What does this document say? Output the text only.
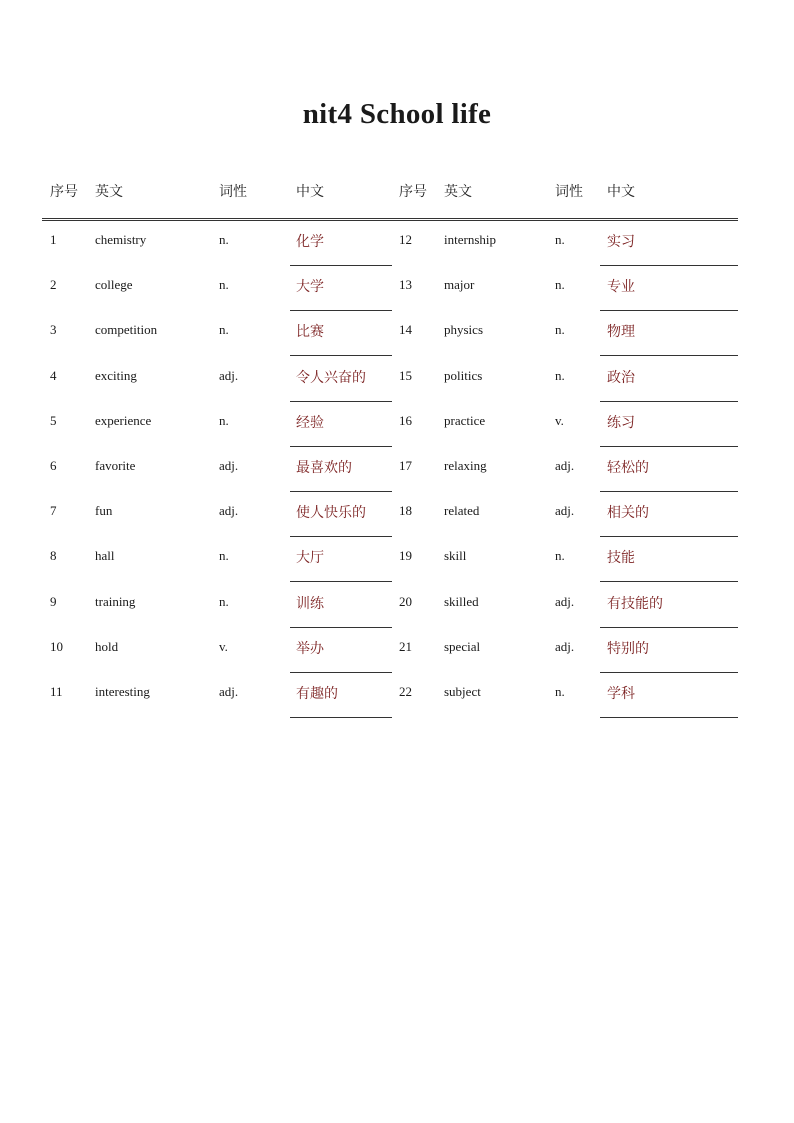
nit4 School life
序号 英文	词性	中文	序号 英文	词性 中文
1	chemistry	n.	化学	12 internship	n.	实习
2	college	n.	大学	13 major	n.	专业
3	competition	n.	比赛	14 physics	n.	物理
4	exciting	adj.	令人兴奋的	15 politics	n.	政治
5	experience	n.	经验	16 practice	v.	练习
6	favorite	adj.	最喜欢的	17 relaxing	adj. 轻松的
7	fun	adj.	使人快乐的	18 related	adj. 相关的
8	hall	n.	大厅	19 skill	n.	技能
9	training	n.	训练	20 skilled	adj. 有技能的
10 hold	v.	举办	21 special	adj. 特别的
11 interesting	adj.	有趣的	22 subject	n.	学科
